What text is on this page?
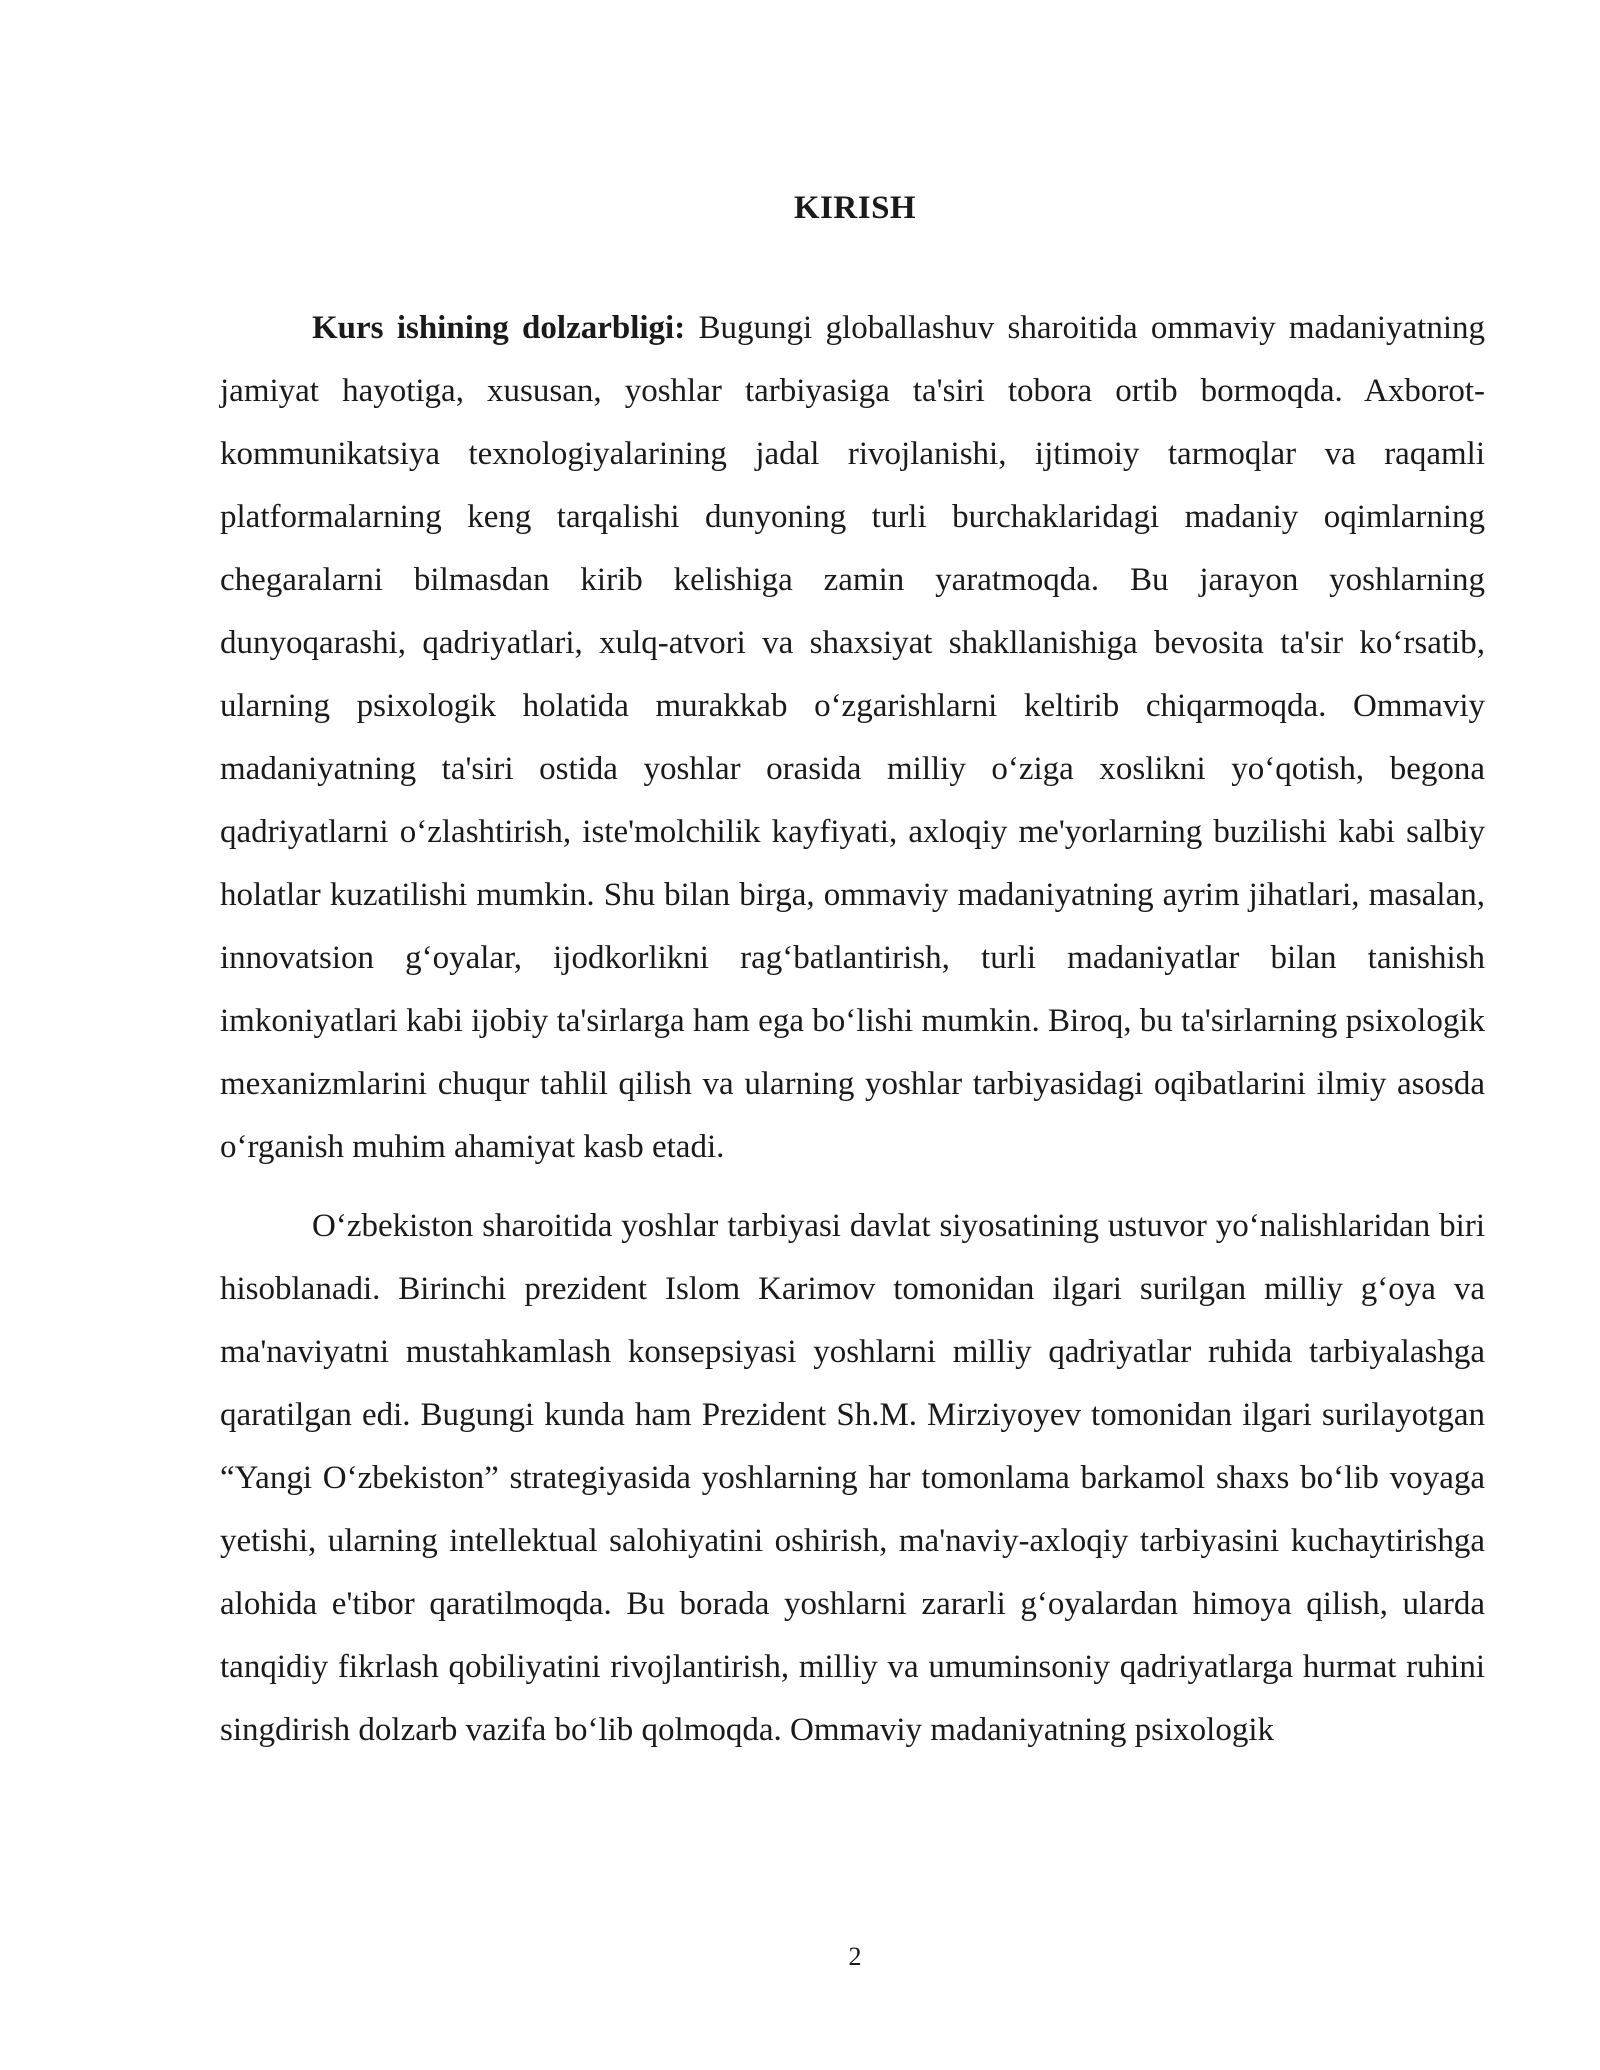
KIRISH

Kurs ishining dolzarbligi: Bugungi globallashuv sharoitida ommaviy madaniyatning jamiyat hayotiga, xususan, yoshlar tarbiyasiga ta'siri tobora ortib bormoqda. Axborot-kommunikatsiya texnologiyalarining jadal rivojlanishi, ijtimoiy tarmoqlar va raqamli platformalarning keng tarqalishi dunyoning turli burchaklaridagi madaniy oqimlarning chegaralarni bilmasdan kirib kelishiga zamin yaratmoqda. Bu jarayon yoshlarning dunyoqarashi, qadriyatlari, xulq-atvori va shaxsiyat shakllanishiga bevosita ta'sir koʻrsatib, ularning psixologik holatida murakkab oʻzgarishlarni keltirib chiqarmoqda. Ommaviy madaniyatning ta'siri ostida yoshlar orasida milliy oʻziga xoslikni yoʻqotish, begona qadriyatlarni oʻzlashtirish, iste'molchilik kayfiyati, axloqiy me'yorlarning buzilishi kabi salbiy holatlar kuzatilishi mumkin. Shu bilan birga, ommaviy madaniyatning ayrim jihatlari, masalan, innovatsion gʻoyalar, ijodkorlikni ragʻbatlantirish, turli madaniyatlar bilan tanishish imkoniyatlari kabi ijobiy ta'sirlarga ham ega boʻlishi mumkin. Biroq, bu ta'sirlarning psixologik mexanizmlarini chuqur tahlil qilish va ularning yoshlar tarbiyasidagi oqibatlarini ilmiy asosda oʻrganish muhim ahamiyat kasb etadi.

Oʻzbekiston sharoitida yoshlar tarbiyasi davlat siyosatining ustuvor yoʻnalishlaridan biri hisoblanadi. Birinchi prezident Islom Karimov tomonidan ilgari surilgan milliy gʻoya va ma'naviyatni mustahkamlash konsepsiyasi yoshlarni milliy qadriyatlar ruhida tarbiyalashga qaratilgan edi. Bugungi kunda ham Prezident Sh.M. Mirziyoyev tomonidan ilgari surilayotgan “Yangi Oʻzbekiston” strategiyasida yoshlarning har tomonlama barkamol shaxs boʻlib voyaga yetishi, ularning intellektual salohiyatini oshirish, ma'naviy-axloqiy tarbiyasini kuchaytirishga alohida e'tibor qaratilmoqda. Bu borada yoshlarni zararli gʻoyalardan himoya qilish, ularda tanqidiy fikrlash qobiliyatini rivojlantirish, milliy va umuminsoniy qadriyatlarga hurmat ruhini singdirish dolzarb vazifa boʻlib qolmoqda. Ommaviy madaniyatning psixologik

2
